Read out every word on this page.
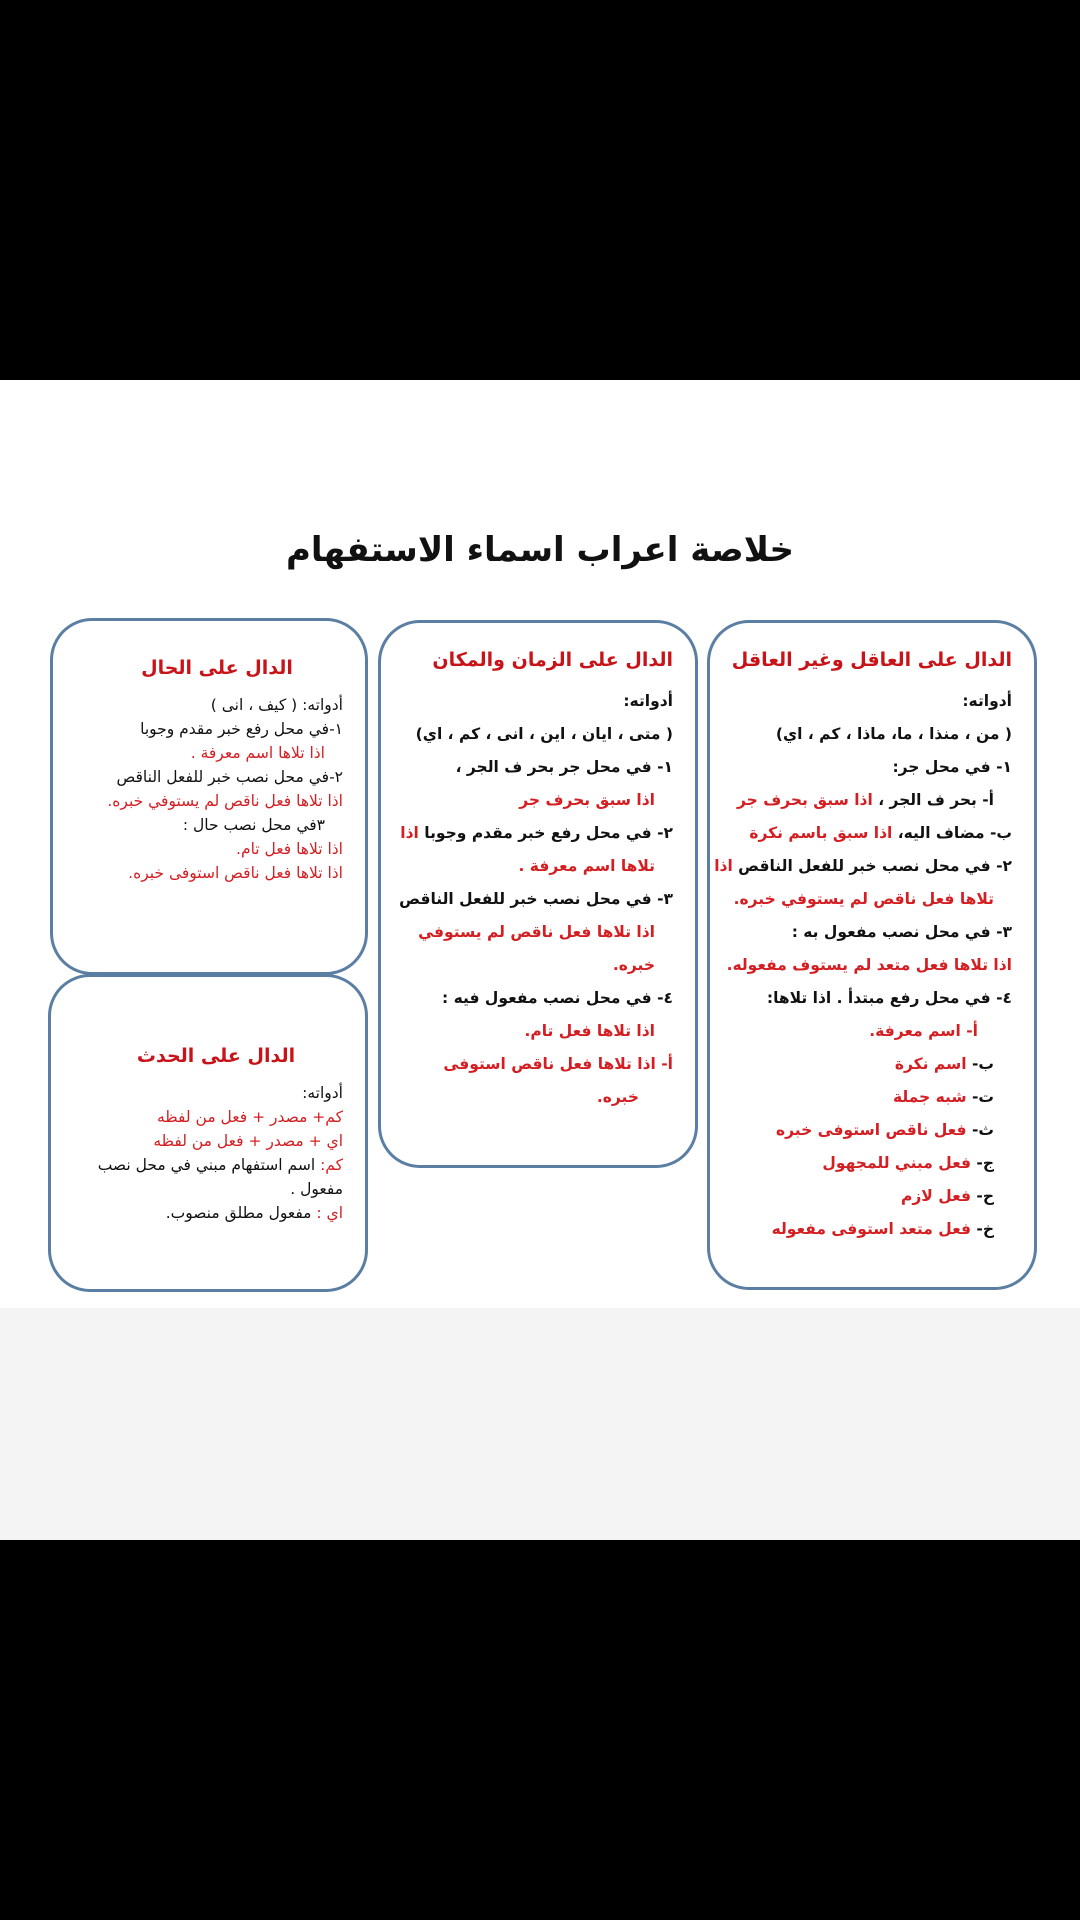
خلاصة اعراب اسماء الاستفهام
الدال على العاقل وغير العاقل
أدواته:
( من ، منذا ، ما، ماذا ، كم ، اي)
١- في محل جر:
أ- بحر ف الجر ، اذا سبق بحرف جر
ب- مضاف اليه، اذا سبق باسم نكرة
٢- في محل نصب خبر للفعل الناقص اذا
تلاها فعل ناقص لم يستوفي خبره.
٣- في محل نصب مفعول به :
اذا تلاها فعل متعد لم يستوف مفعوله.
٤- في محل رفع مبتدأ . اذا تلاها:
أ- اسم معرفة.
ب- اسم نكرة
ت- شبه جملة
ث- فعل ناقص استوفى خبره
ج- فعل مبني للمجهول
ح- فعل لازم
خ- فعل متعد استوفى مفعوله
الدال على الزمان والمكان
أدواته:
( متى ، ايان ، اين ، انى ، كم ، اي)
١- في محل جر بحر ف الجر ،
اذا سبق بحرف جر
٢- في محل رفع خبر مقدم وجوبا اذا
تلاها اسم معرفة .
٣- في محل نصب خبر للفعل الناقص
اذا تلاها فعل ناقص لم يستوفي
خبره.
٤- في محل نصب مفعول فيه :
اذا تلاها فعل تام.
أ- اذا تلاها فعل ناقص استوفى
خبره.
الدال على الحال
أدواته: ( كيف ، انى )
١-في محل رفع خبر مقدم وجوبا
اذا تلاها اسم معرفة .
٢-في محل نصب خبر للفعل الناقص
اذا تلاها فعل ناقص لم يستوفي خبره.
٣في محل نصب حال :
اذا تلاها فعل تام.
اذا تلاها فعل ناقص استوفى خبره.
الدال على الحدث
أدواته:
كم+ مصدر + فعل من لفظه
اي + مصدر + فعل من لفظه
كم: اسم استفهام مبني في محل نصب
مفعول .
اي : مفعول مطلق منصوب.
